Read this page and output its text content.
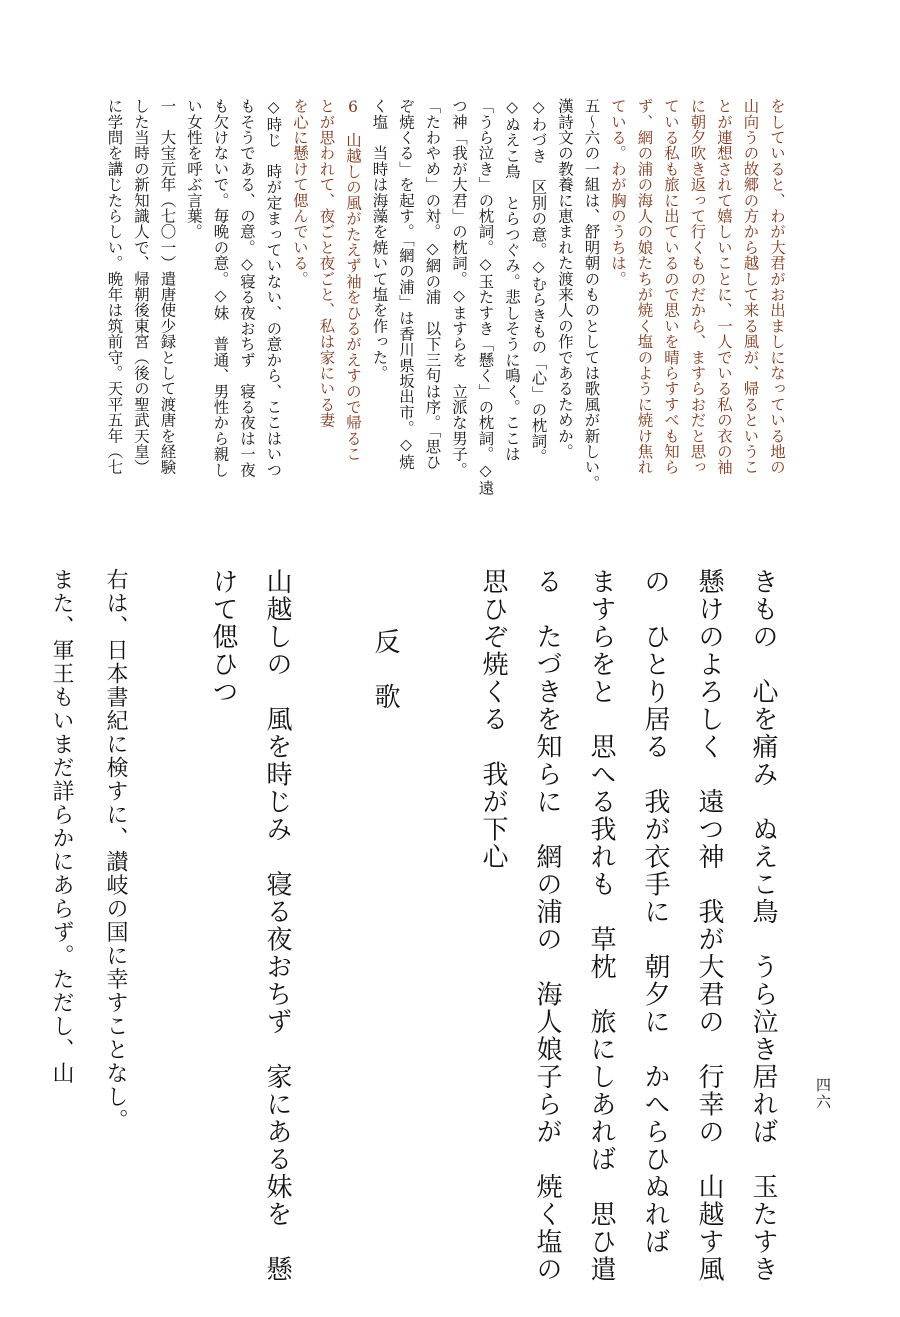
四六
をしていると、わが大君がお出ましになっている地の
山向うの故郷の方から越して来る風が、帰るというこ
とが連想されて嬉しいことに、一人でいる私の衣の袖
に朝夕吹き返って行くものだから、ますらおだと思っ
ている私も旅に出ているので思いを晴らすすべも知ら
ず、網の浦の海人の娘たちが焼く塩のように焼け焦れ
ている。わが胸のうちは。
五〜六の一組は、舒明朝のものとしては歌風が新しい。
漢詩文の教養に恵まれた渡来人の作であるためか。
◇わづき　区別の意。◇むらきもの「心」の枕詞。
◇ぬえこ鳥　とらつぐみ。悲しそうに鳴く。ここは
「うら泣き」の枕詞。◇玉たすき「懸く」の枕詞。◇遠
つ神「我が大君」の枕詞。◇ますらを　立派な男子。
「たわやめ」の対。◇網の浦　以下三句は序。「思ひ
ぞ焼くる」を起す。「網の浦」は香川県坂出市。◇焼
く塩　当時は海藻を焼いて塩を作った。
6　山越しの風がたえず袖をひるがえすので帰るこ
とが思われて、夜ごと夜ごと、私は家にいる妻
を心に懸けて偲んでいる。
◇時じ　時が定まっていない、の意から、ここはいつ
もそうである、の意。◇寝る夜おちず　寝る夜は一夜
も欠けないで。毎晩の意。◇妹　普通、男性から親し
い女性を呼ぶ言葉。
一　大宝元年（七〇一）遣唐使少録として渡唐を経験
した当時の新知識人で、帰朝後東宮（後の聖武天皇）
に学問を講じたらしい。晩年は筑前守。天平五年（七
きもの　心を痛み　ぬえこ鳥　うら泣き居れば　玉たすき
懸けのよろしく　遠つ神　我が大君の　行幸の　山越す風
の　ひとり居る　我が衣手に　朝夕に　かへらひぬれば
ますらをと　思へる我れも　草枕　旅にしあれば　思ひ遣
る　たづきを知らに　網の浦の　海人娘子らが　焼く塩の
思ひぞ焼くる　我が下心
反　歌
山越しの　風を時じみ　寝る夜おちず　家にある妹を　懸
けて偲ひつ
右は、日本書紀に検すに、讃岐の国に幸すことなし。
また、軍王もいまだ詳らかにあらず。ただし、山
